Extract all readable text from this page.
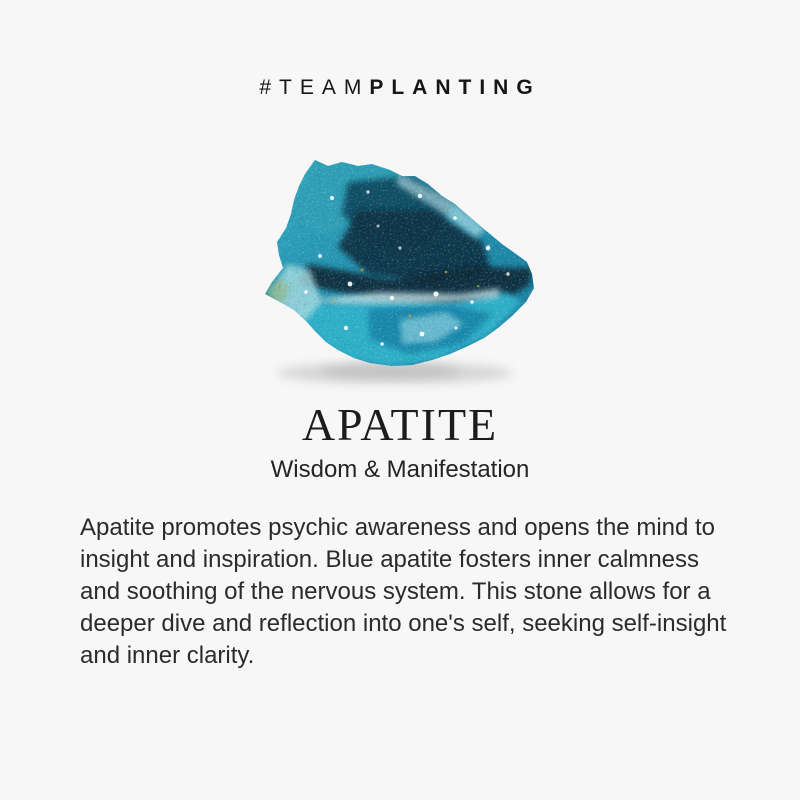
#TEAMPLANTING
APATITE
Wisdom & Manifestation

Apatite promotes psychic awareness and opens the mind to insight and inspiration. Blue apatite fosters inner calmness and soothing of the nervous system. This stone allows for a deeper dive and reflection into one's self, seeking self-insight and inner clarity.
